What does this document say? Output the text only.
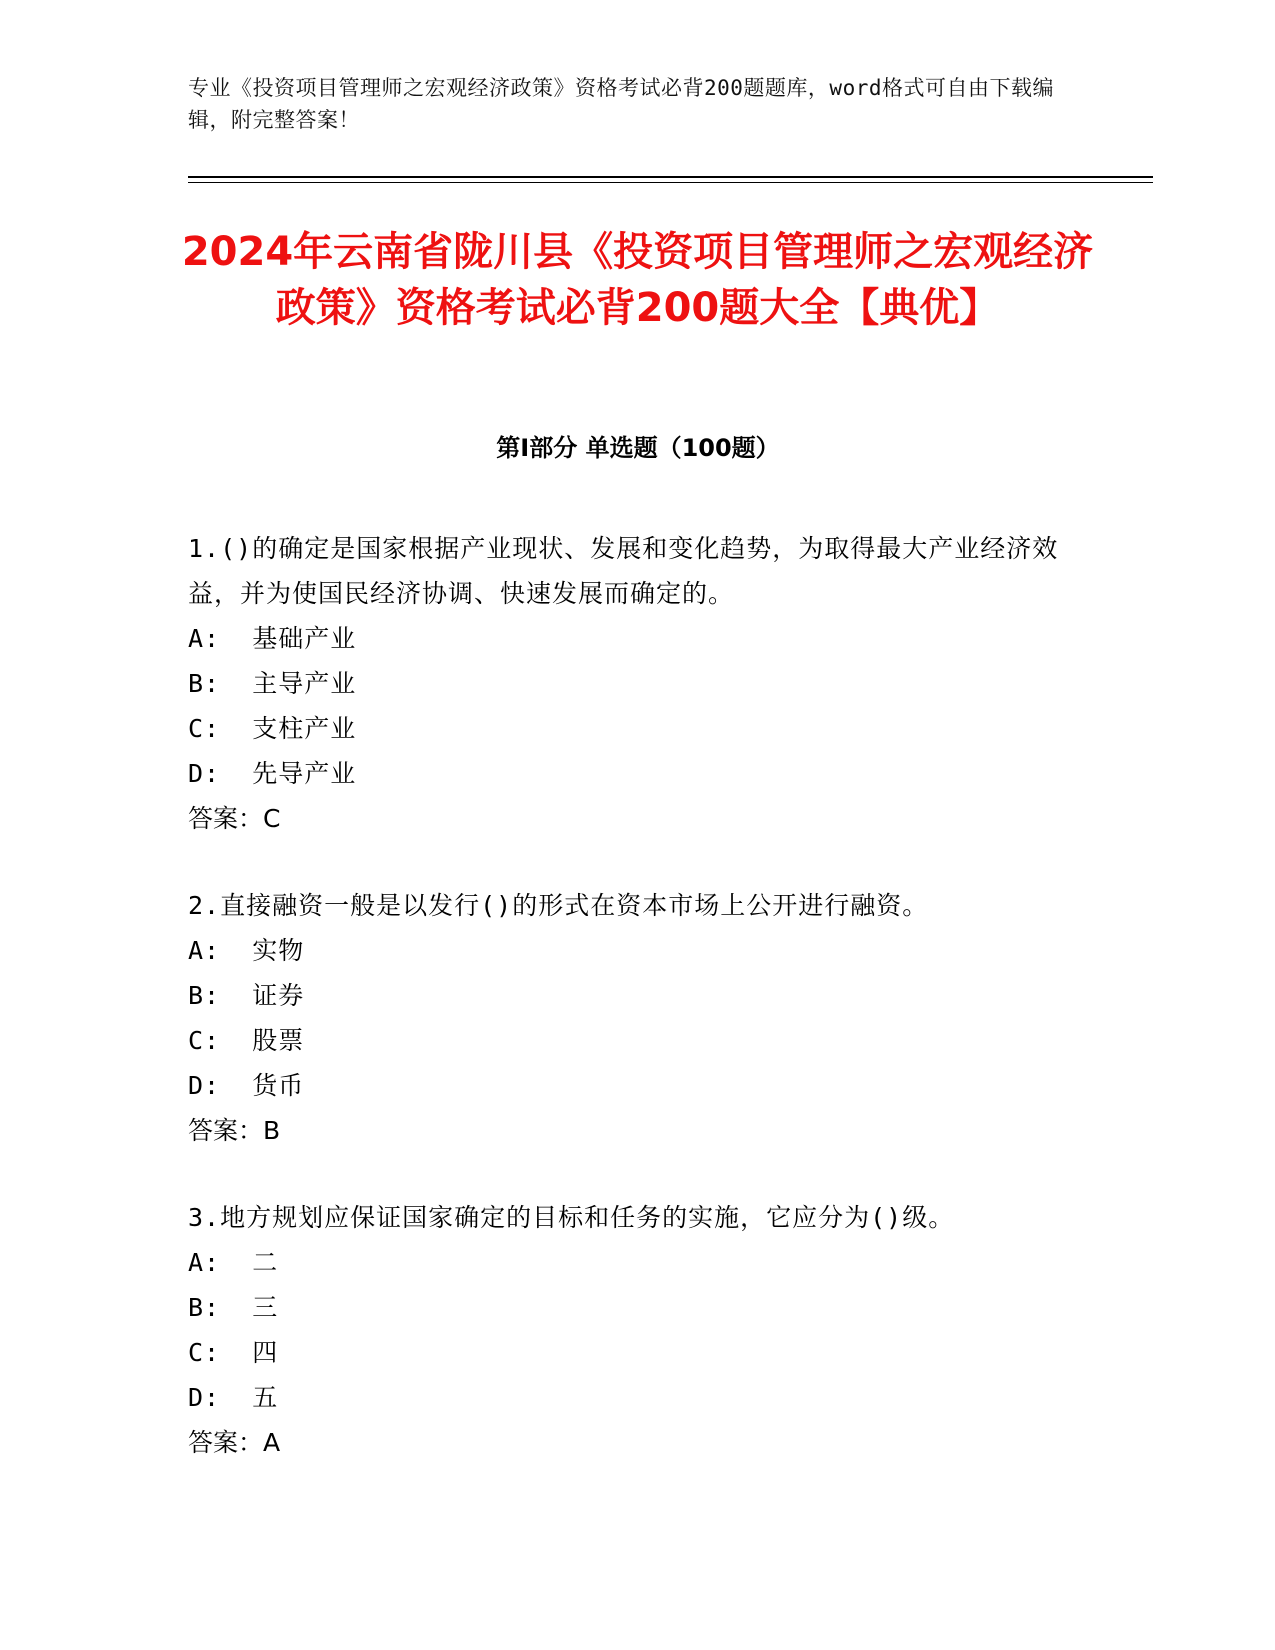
专业《投资项目管理师之宏观经济政策》资格考试必背200题题库，word格式可自由下载编辑，附完整答案！
2024年云南省陇川县《投资项目管理师之宏观经济政策》资格考试必背200题大全【典优】
第I部分 单选题（100题）

1.()的确定是国家根据产业现状、发展和变化趋势，为取得最大产业经济效益，并为使国民经济协调、快速发展而确定的。

A:  基础产业

B:  主导产业

C:  支柱产业

D:  先导产业

答案：C

2.直接融资一般是以发行()的形式在资本市场上公开进行融资。

A:  实物

B:  证券

C:  股票

D:  货币

答案：B

3.地方规划应保证国家确定的目标和任务的实施，它应分为()级。

A:  二

B:  三

C:  四

D:  五

答案：A
